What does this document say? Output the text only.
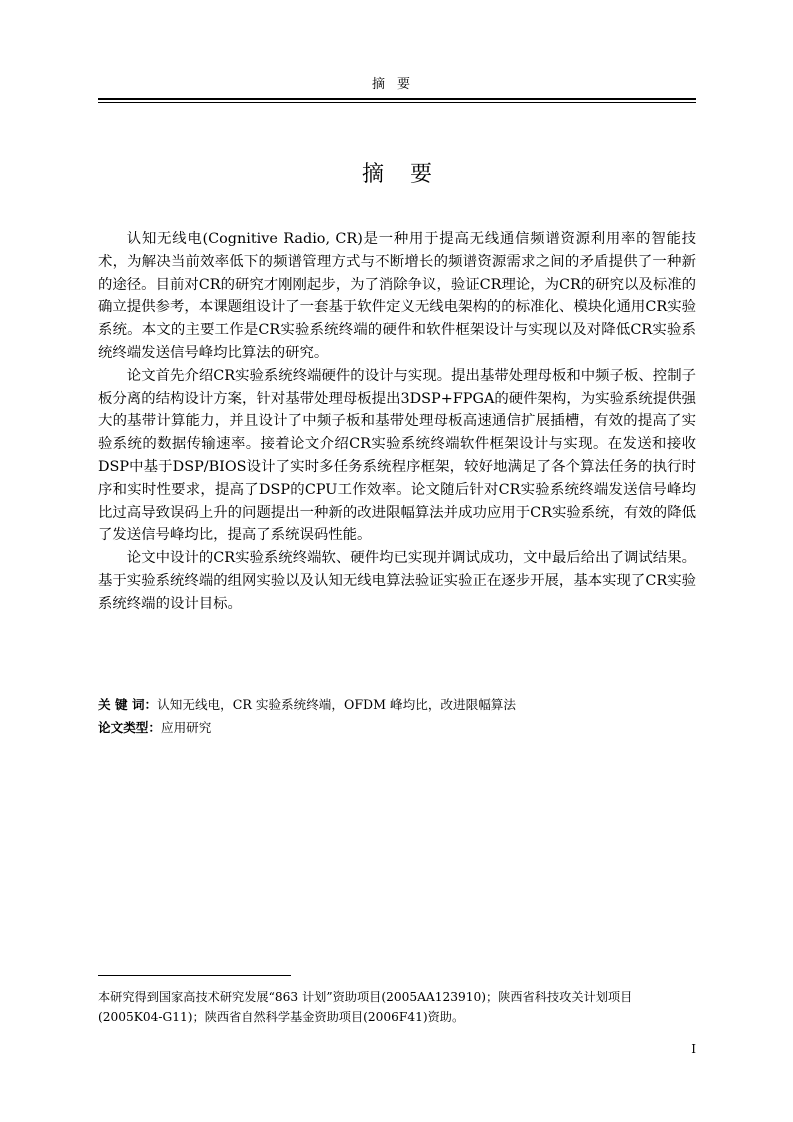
摘要
摘要

认知无线电(Cognitive Radio, CR)是一种用于提高无线通信频谱资源利用率的智能技术，为解决当前效率低下的频谱管理方式与不断增长的频谱资源需求之间的矛盾提供了一种新的途径。目前对CR的研究才刚刚起步，为了消除争议，验证CR理论，为CR的研究以及标准的确立提供参考，本课题组设计了一套基于软件定义无线电架构的的标准化、模块化通用CR实验系统。本文的主要工作是CR实验系统终端的硬件和软件框架设计与实现以及对降低CR实验系统终端发送信号峰均比算法的研究。

论文首先介绍CR实验系统终端硬件的设计与实现。提出基带处理母板和中频子板、控制子板分离的结构设计方案，针对基带处理母板提出3DSP+FPGA的硬件架构，为实验系统提供强大的基带计算能力，并且设计了中频子板和基带处理母板高速通信扩展插槽，有效的提高了实验系统的数据传输速率。接着论文介绍CR实验系统终端软件框架设计与实现。在发送和接收DSP中基于DSP/BIOS设计了实时多任务系统程序框架，较好地满足了各个算法任务的执行时序和实时性要求，提高了DSP的CPU工作效率。论文随后针对CR实验系统终端发送信号峰均比过高导致误码上升的问题提出一种新的改进限幅算法并成功应用于CR实验系统，有效的降低了发送信号峰均比，提高了系统误码性能。

论文中设计的CR实验系统终端软、硬件均已实现并调试成功，文中最后给出了调试结果。基于实验系统终端的组网实验以及认知无线电算法验证实验正在逐步开展，基本实现了CR实验系统终端的设计目标。

关 键 词：认知无线电，CR 实验系统终端，OFDM 峰均比，改进限幅算法
论文类型：应用研究
本研究得到国家高技术研究发展“863 计划”资助项目(2005AA123910)；陕西省科技攻关计划项目(2005K04-G11)；陕西省自然科学基金资助项目(2006F41)资助。
I
